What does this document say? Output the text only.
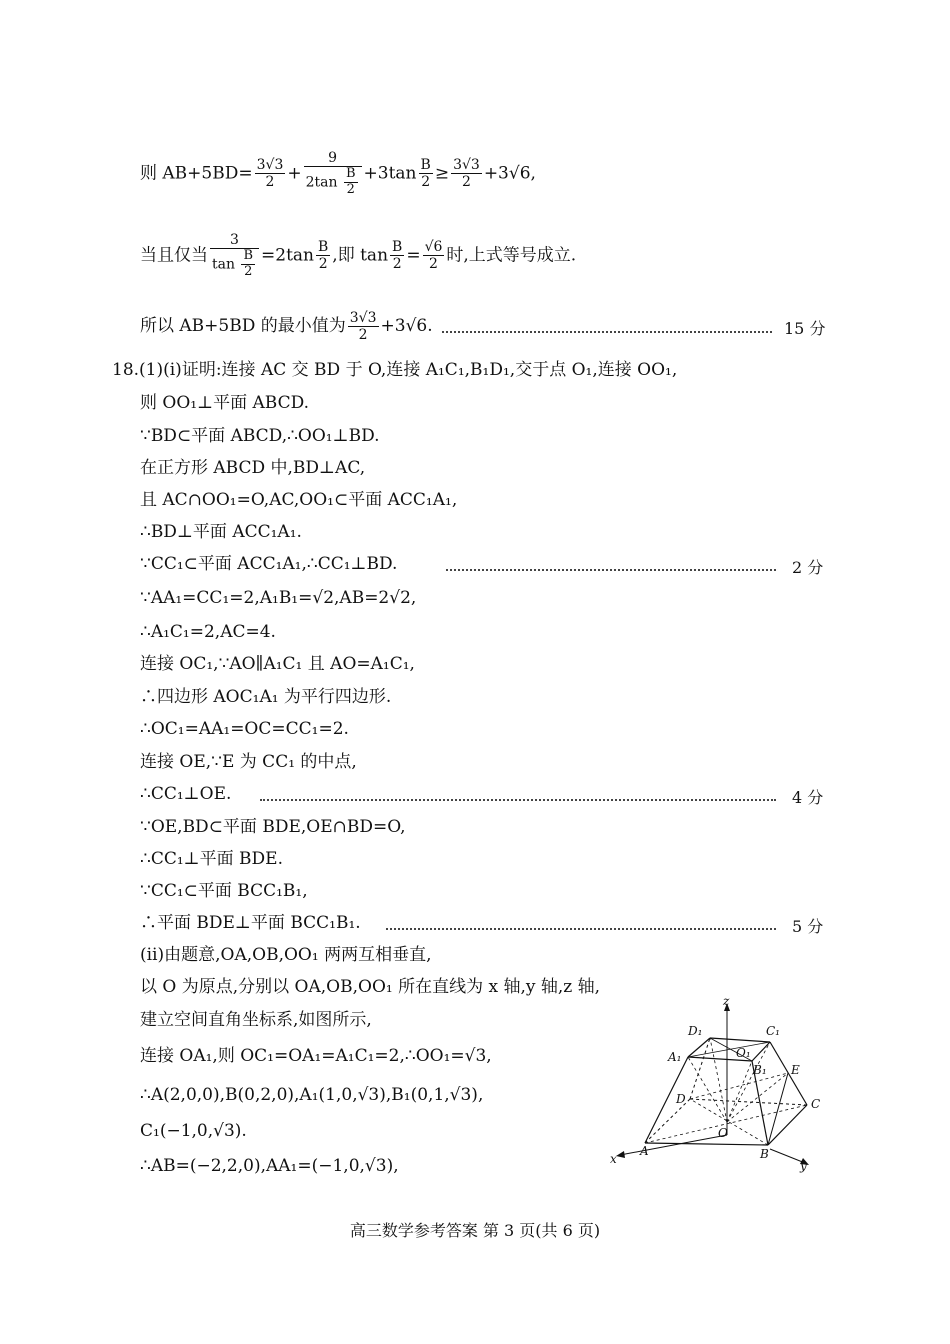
则 $AB+5BD= \frac{3√3}{2} + \frac{9}{2\tan \frac{B}{2}} +3\tan \frac{B}{2} \ge \frac{3√3}{2} +3√6$,
当且仅当 $\frac{3}{\tan \frac{B}{2}} =2\tan \frac{B}{2}$ ,即 $\tan \frac{B}{2} = \frac{√6}{2}$ 时,上式等号成立.
所以 AB+5BD 的最小值为 $\frac{3√3}{2} +3√6$.	15 分
18.(1)(ⅰ)证明:连接 AC 交 BD 于 O,连接 A₁C₁,B₁D₁,交于点 O₁,连接 OO₁,
则 OO₁⊥平面 ABCD.
∵BD⊂平面 ABCD,∴OO₁⊥BD.
在正方形 ABCD 中,BD⊥AC,
且 AC∩OO₁=O,AC,OO₁⊂平面 ACC₁A₁,
∴BD⊥平面 ACC₁A₁.
∵CC₁⊂平面 ACC₁A₁,∴CC₁⊥BD.	2 分
∵AA₁=CC₁=2,A₁B₁=√2,AB=2√2,
∴A₁C₁=2,AC=4.
连接 OC₁,∵AO∥A₁C₁ 且 AO=A₁C₁,
∴四边形 AOC₁A₁ 为平行四边形.
∴OC₁=AA₁=OC=CC₁=2.
连接 OE,∵E 为 CC₁ 的中点,
∴CC₁⊥OE.	4 分
∵OE,BD⊂平面 BDE,OE∩BD=O,
∴CC₁⊥平面 BDE.
∵CC₁⊂平面 BCC₁B₁,
∴平面 BDE⊥平面 BCC₁B₁.	5 分
(ⅱ)由题意,OA,OB,OO₁ 两两互相垂直,
以 O 为原点,分别以 OA,OB,OO₁ 所在直线为 x 轴,y 轴,z 轴,
建立空间直角坐标系,如图所示,
连接 OA₁,则 OC₁=OA₁=A₁C₁=2,∴OO₁=√3,
∴A(2,0,0),B(0,2,0),A₁(1,0,√3),B₁(0,1,√3),
C₁(−1,0,√3).
∴AB=(−2,2,0),AA₁=(−1,0,√3),
z
D₁	C₁
A₁	O₁
B₁ E
C
D
O
A	B
x	y
高三数学参考答案 第 3 页(共 6 页)
